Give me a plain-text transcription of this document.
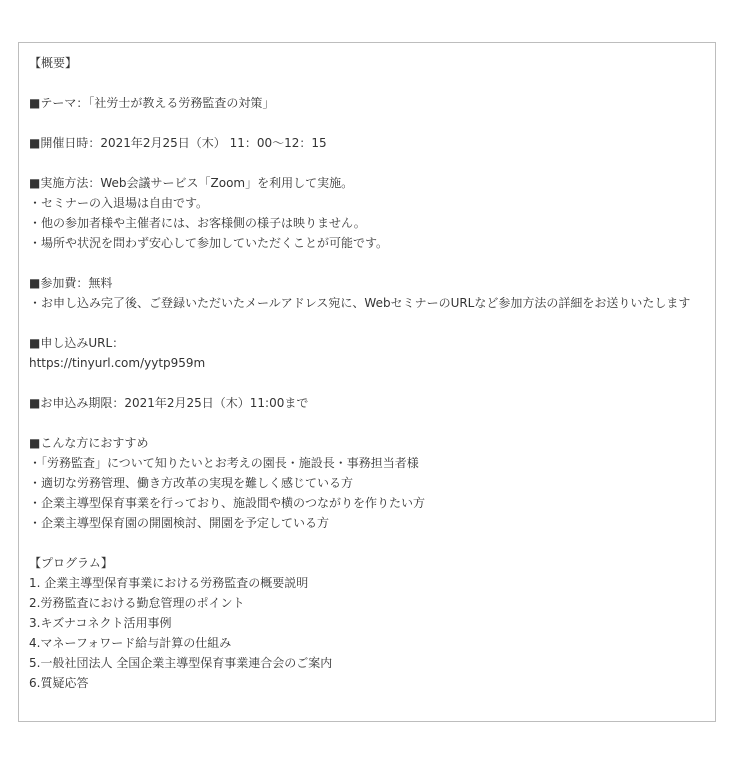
【概要】
■テーマ：「社労士が教える労務監査の対策」
■開催日時：2021年2月25日（木） 11：00〜12：15
■実施方法：Web会議サービス「Zoom」を利用して実施。
・セミナーの入退場は自由です。
・他の参加者様や主催者には、お客様側の様子は映りません。
・場所や状況を問わず安心して参加していただくことが可能です。
■参加費：無料
・お申し込み完了後、ご登録いただいたメールアドレス宛に、WebセミナーのURLなど参加方法の詳細をお送りいたします
■申し込みURL：
https://tinyurl.com/yytp959m
■お申込み期限：2021年2月25日（木）11:00まで
■こんな方におすすめ
・「労務監査」について知りたいとお考えの園長・施設長・事務担当者様
・適切な労務管理、働き方改革の実現を難しく感じている方
・企業主導型保育事業を行っており、施設間や横のつながりを作りたい方
・企業主導型保育園の開園検討、開園を予定している方
【プログラム】
1. 企業主導型保育事業における労務監査の概要説明
2.労務監査における勤怠管理のポイント
3.キズナコネクト活用事例
4.マネーフォワード給与計算の仕組み
5.一般社団法人 全国企業主導型保育事業連合会のご案内
6.質疑応答
